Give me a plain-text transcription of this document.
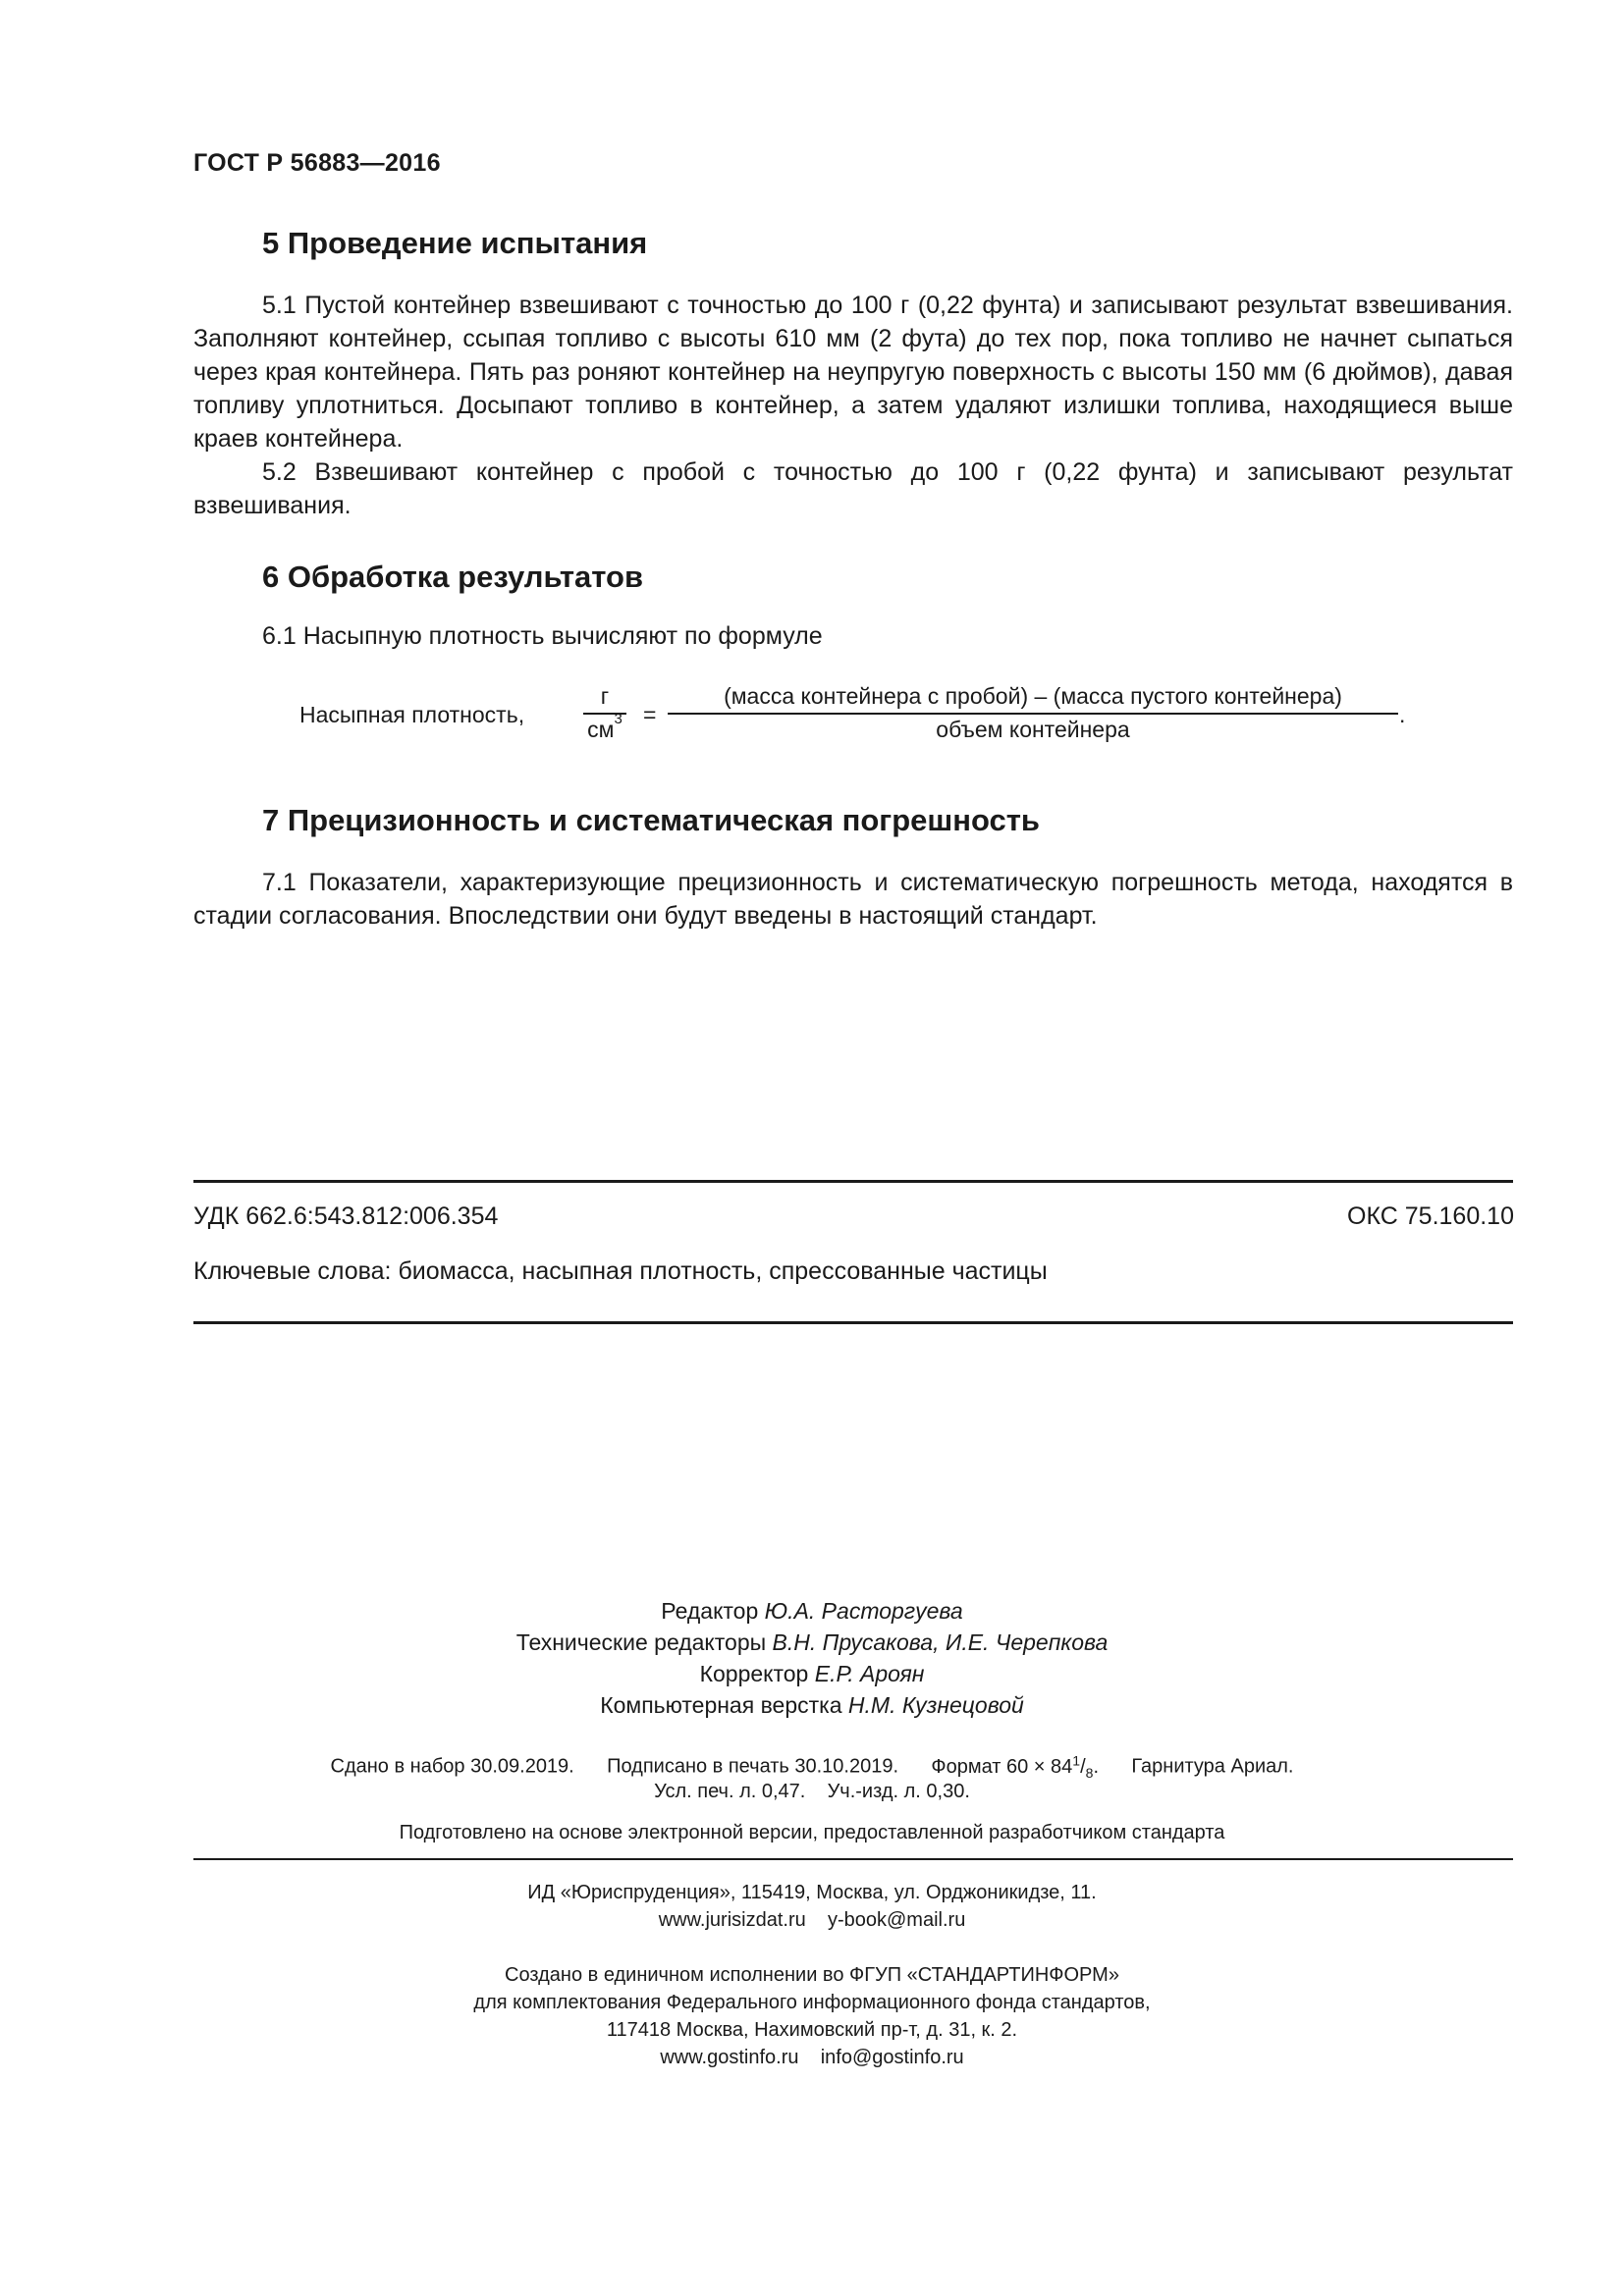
ГОСТ Р 56883—2016
5 Проведение испытания
5.1 Пустой контейнер взвешивают с точностью до 100 г (0,22 фунта) и записывают результат взвешивания. Заполняют контейнер, ссыпая топливо с высоты 610 мм (2 фута) до тех пор, пока топливо не начнет сыпаться через края контейнера. Пять раз роняют контейнер на неупругую поверхность с высоты 150 мм (6 дюймов), давая топливу уплотниться. Досыпают топливо в контейнер, а затем удаляют излишки топлива, находящиеся выше краев контейнера.
5.2 Взвешивают контейнер с пробой с точностью до 100 г (0,22 фунта) и записывают результат взвешивания.
6 Обработка результатов
6.1 Насыпную плотность вычисляют по формуле
Насыпная плотность,
г
$см^3$ =
(масса контейнера с пробой) – (масса пустого контейнера)
объем контейнера
.
7 Прецизионность и систематическая погрешность
7.1 Показатели, характеризующие прецизионность и систематическую погрешность метода, находятся в стадии согласования. Впоследствии они будут введены в настоящий стандарт.
УДК 662.6:543.812:006.354	ОКС 75.160.10
Ключевые слова: биомасса, насыпная плотность, спрессованные частицы
Редактор Ю.А. Расторгуева
Технические редакторы В.Н. Прусакова, И.Е. Черепкова
Корректор Е.Р. Ароян
Компьютерная верстка Н.М. Кузнецовой
Сдано в набор 30.09.2019. Подписано в печать 30.10.2019. Формат $60 \times 84^1/_8$. Гарнитура Ариал.
Усл. печ. л. 0,47. Уч.-изд. л. 0,30.
Подготовлено на основе электронной версии, предоставленной разработчиком стандарта
ИД «Юриспруденция», 115419, Москва, ул. Орджоникидзе, 11.
www.jurisizdat.ru y-book@mail.ru
Создано в единичном исполнении во ФГУП «СТАНДАРТИНФОРМ»
для комплектования Федерального информационного фонда стандартов,
117418 Москва, Нахимовский пр-т, д. 31, к. 2.
www.gostinfo.ru info@gostinfo.ru
